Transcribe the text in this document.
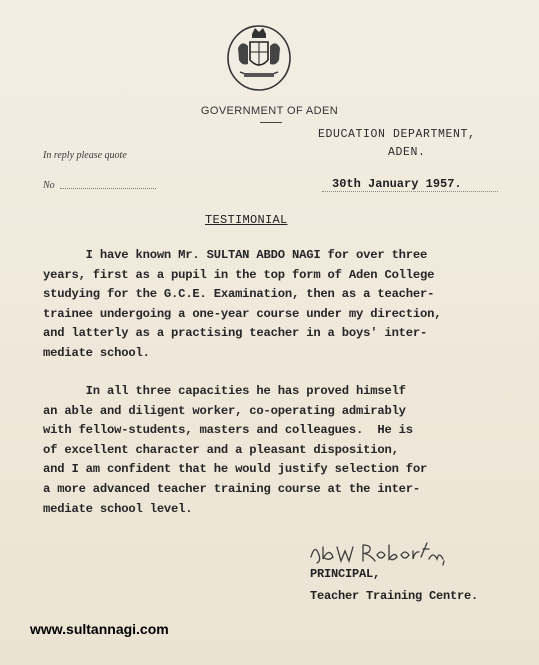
GOVERNMENT OF ADEN
EDUCATION DEPARTMENT,
ADEN.
In reply please quote
No	30th January 1957.
TESTIMONIAL
I have known Mr. SULTAN ABDO NAGI for over three
years, first as a pupil in the top form of Aden College
studying for the G.C.E. Examination, then as a teacher-
trainee undergoing a one-year course under my direction,
and latterly as a practising teacher in a boys' inter-
mediate school.
In all three capacities he has proved himself
an able and diligent worker, co-operating admirably
with fellow-students, masters and colleagues.  He is
of excellent character and a pleasant disposition,
and I am confident that he would justify selection for
a more advanced teacher training course at the inter-
mediate school level.
PRINCIPAL,
Teacher Training Centre.
www.sultannagi.com
